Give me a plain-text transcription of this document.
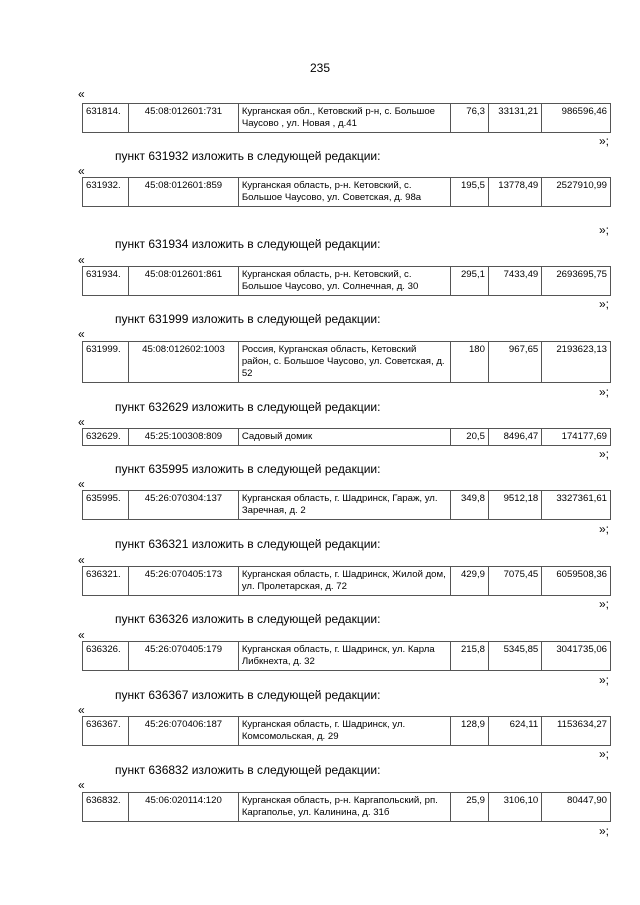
235
«
631814.	45:08:012601:731	Курганская обл., Кетовский р-н, с. Большое Чаусово , ул. Новая , д.41	76,3	33131,21	986596,46
»;
пункт 631932 изложить в следующей редакции:
«
631932.	45:08:012601:859	Курганская область, р-н. Кетовский, с. Большое Чаусово, ул. Советская, д. 98а	195,5	13778,49	2527910,99
»;
пункт 631934 изложить в следующей редакции:
«
631934.	45:08:012601:861	Курганская область, р-н. Кетовский, с. Большое Чаусово, ул. Солнечная, д. 30	295,1	7433,49	2693695,75
»;
пункт 631999 изложить в следующей редакции:
«
631999.	45:08:012602:1003	Россия, Курганская область, Кетовский район, с. Большое Чаусово, ул. Советская, д. 52	180	967,65	2193623,13
»;
пункт 632629 изложить в следующей редакции:
«
632629.	45:25:100308:809	Садовый домик	20,5	8496,47	174177,69
»;
пункт 635995 изложить в следующей редакции:
«
635995.	45:26:070304:137	Курганская область, г. Шадринск, Гараж, ул. Заречная, д. 2	349,8	9512,18	3327361,61
»;
пункт 636321 изложить в следующей редакции:
«
636321.	45:26:070405:173	Курганская область, г. Шадринск, Жилой дом, ул. Пролетарская, д. 72	429,9	7075,45	6059508,36
»;
пункт 636326 изложить в следующей редакции:
«
636326.	45:26:070405:179	Курганская область, г. Шадринск, ул. Карла Либкнехта, д. 32	215,8	5345,85	3041735,06
»;
пункт 636367 изложить в следующей редакции:
«
636367.	45:26:070406:187	Курганская область, г. Шадринск, ул. Комсомольская, д. 29	128,9	624,11	1153634,27
»;
пункт 636832 изложить в следующей редакции:
«
636832.	45:06:020114:120	Курганская область, р-н. Каргапольский, рп. Каргаполье, ул. Калинина, д. 31б	25,9	3106,10	80447,90
»;
